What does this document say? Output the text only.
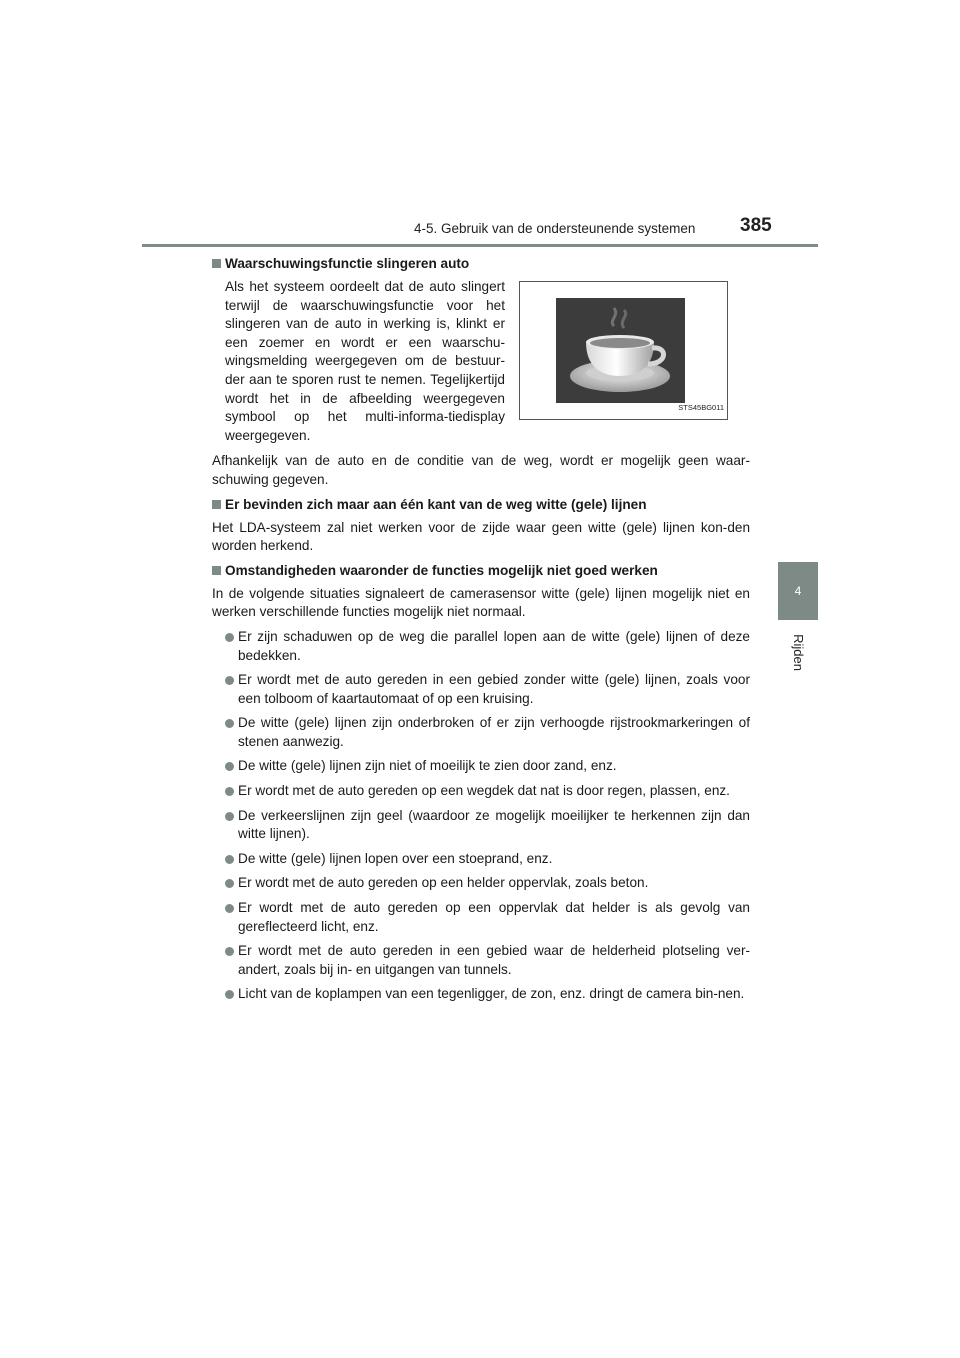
4-5. Gebruik van de ondersteunende systemen	385
4
Rijden
Waarschuwingsfunctie slingeren auto
Als het systeem oordeelt dat de auto slingert terwijl de waarschuwingsfunctie voor het slingeren van de auto in werking is, klinkt er een zoemer en wordt er een waarschu-wingsmelding weergegeven om de bestuur-der aan te sporen rust te nemen. Tegelijkertijd wordt het in de afbeelding weergegeven symbool op het multi-informa-tiedisplay weergegeven.
STS45BG011
Afhankelijk van de auto en de conditie van de weg, wordt er mogelijk geen waar-schuwing gegeven.
Er bevinden zich maar aan één kant van de weg witte (gele) lijnen
Het LDA-systeem zal niet werken voor de zijde waar geen witte (gele) lijnen kon-den worden herkend.
Omstandigheden waaronder de functies mogelijk niet goed werken
In de volgende situaties signaleert de camerasensor witte (gele) lijnen mogelijk niet en werken verschillende functies mogelijk niet normaal.
Er zijn schaduwen op de weg die parallel lopen aan de witte (gele) lijnen of deze bedekken.
Er wordt met de auto gereden in een gebied zonder witte (gele) lijnen, zoals voor een tolboom of kaartautomaat of op een kruising.
De witte (gele) lijnen zijn onderbroken of er zijn verhoogde rijstrookmarkeringen of stenen aanwezig.
De witte (gele) lijnen zijn niet of moeilijk te zien door zand, enz.
Er wordt met de auto gereden op een wegdek dat nat is door regen, plassen, enz.
De verkeerslijnen zijn geel (waardoor ze mogelijk moeilijker te herkennen zijn dan witte lijnen).
De witte (gele) lijnen lopen over een stoeprand, enz.
Er wordt met de auto gereden op een helder oppervlak, zoals beton.
Er wordt met de auto gereden op een oppervlak dat helder is als gevolg van gereflecteerd licht, enz.
Er wordt met de auto gereden in een gebied waar de helderheid plotseling ver-andert, zoals bij in- en uitgangen van tunnels.
Licht van de koplampen van een tegenligger, de zon, enz. dringt de camera bin-nen.
